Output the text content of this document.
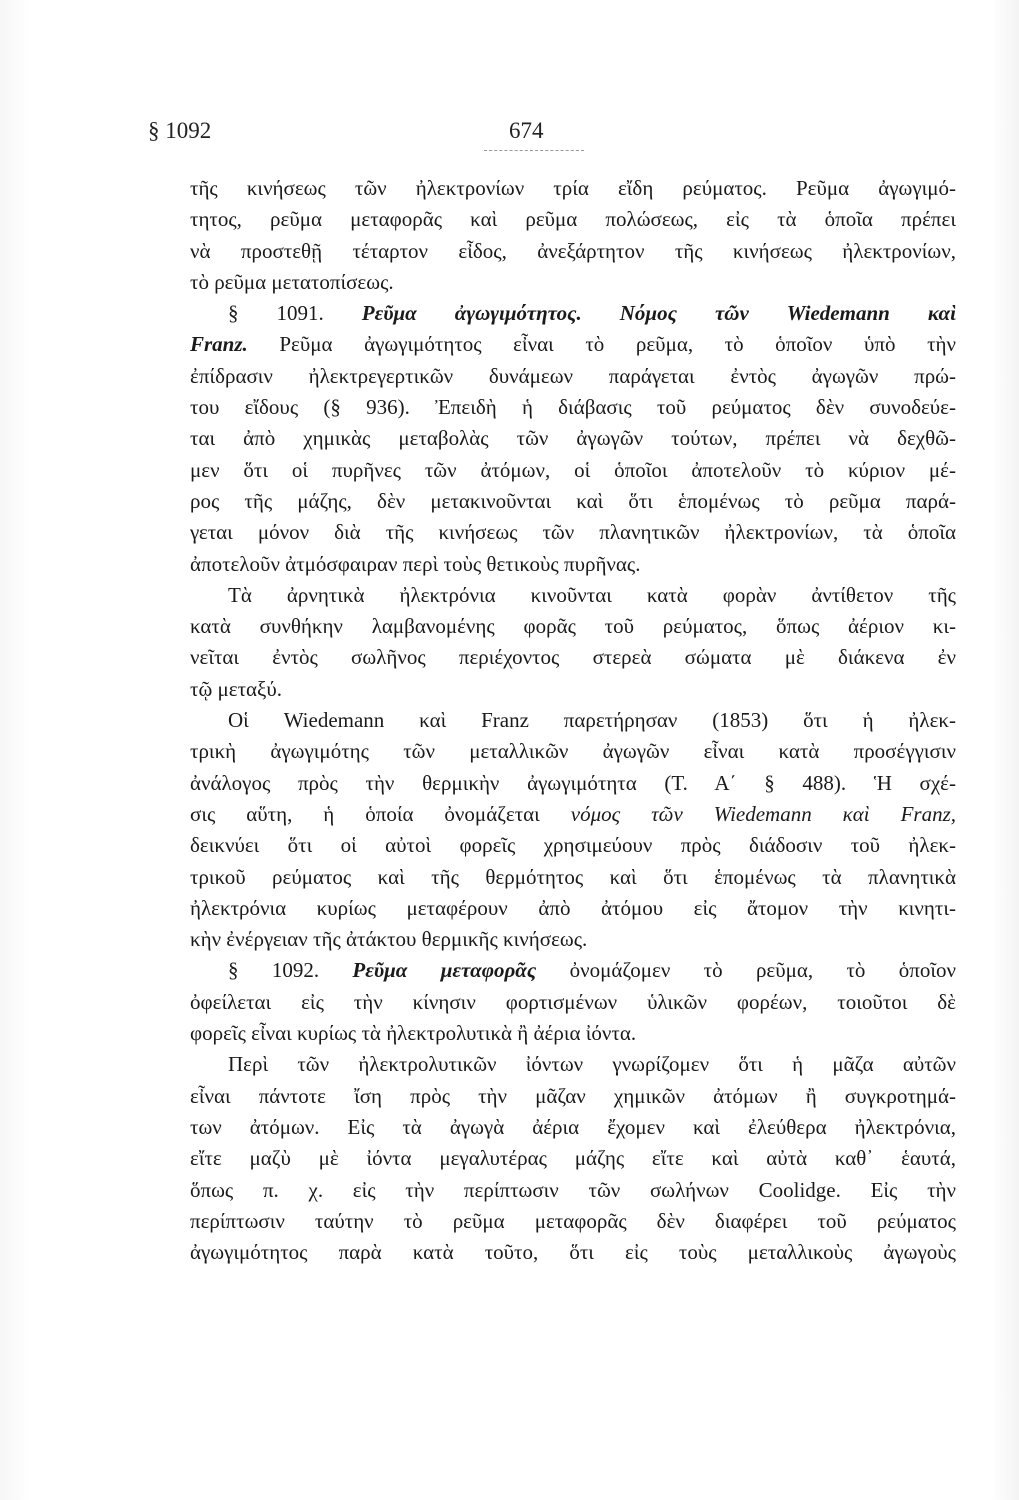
§ 1092	674

τῆς κινήσεως τῶν ἠλεκτρονίων τρία εἴδη ρεύματος. Ρεῦμα ἀγωγιμό-
τητος, ρεῦμα μεταφορᾶς καὶ ρεῦμα πολώσεως, εἰς τὰ ὁποῖα πρέπει
νὰ προστεθῇ τέταρτον εἶδος, ἀνεξάρτητον τῆς κινήσεως ἠλεκτρονίων,
τὸ ρεῦμα μετατοπίσεως.

§ 1091. Ρεῦμα ἀγωγιμότητος. Νόμος τῶν Wiedemann καὶ
Franz. Ρεῦμα ἀγωγιμότητος εἶναι τὸ ρεῦμα, τὸ ὁποῖον ὑπὸ τὴν
ἐπίδρασιν ἠλεκτρεγερτικῶν δυνάμεων παράγεται ἐντὸς ἀγωγῶν πρώ-
του εἴδους (§ 936). Ἐπειδὴ ἡ διάβασις τοῦ ρεύματος δὲν συνοδεύε-
ται ἀπὸ χημικὰς μεταβολὰς τῶν ἀγωγῶν τούτων, πρέπει νὰ δεχθῶ-
μεν ὅτι οἱ πυρῆνες τῶν ἀτόμων, οἱ ὁποῖοι ἀποτελοῦν τὸ κύριον μέ-
ρος τῆς μάζης, δὲν μετακινοῦνται καὶ ὅτι ἑπομένως τὸ ρεῦμα παρά-
γεται μόνον διὰ τῆς κινήσεως τῶν πλανητικῶν ἠλεκτρονίων, τὰ ὁποῖα
ἀποτελοῦν ἀτμόσφαιραν περὶ τοὺς θετικοὺς πυρῆνας.

Τὰ ἀρνητικὰ ἠλεκτρόνια κινοῦνται κατὰ φορὰν ἀντίθετον τῆς
κατὰ συνθήκην λαμβανομένης φορᾶς τοῦ ρεύματος, ὅπως ἀέριον κι-
νεῖται ἐντὸς σωλῆνος περιέχοντος στερεὰ σώματα μὲ διάκενα ἐν
τῷ μεταξύ.

Οἱ Wiedemann καὶ Franz παρετήρησαν (1853) ὅτι ἡ ἠλεκ-
τρικὴ ἀγωγιμότης τῶν μεταλλικῶν ἀγωγῶν εἶναι κατὰ προσέγγισιν
ἀνάλογος πρὸς τὴν θερμικὴν ἀγωγιμότητα (Τ. Α΄ § 488). Ἡ σχέ-
σις αὕτη, ἡ ὁποία ὀνομάζεται νόμος τῶν Wiedemann καὶ Franz,
δεικνύει ὅτι οἱ αὐτοὶ φορεῖς χρησιμεύουν πρὸς διάδοσιν τοῦ ἠλεκ-
τρικοῦ ρεύματος καὶ τῆς θερμότητος καὶ ὅτι ἑπομένως τὰ πλανητικὰ
ἠλεκτρόνια κυρίως μεταφέρουν ἀπὸ ἀτόμου εἰς ἄτομον τὴν κινητι-
κὴν ἐνέργειαν τῆς ἀτάκτου θερμικῆς κινήσεως.

§ 1092. Ρεῦμα μεταφορᾶς ὀνομάζομεν τὸ ρεῦμα, τὸ ὁποῖον
ὀφείλεται εἰς τὴν κίνησιν φορτισμένων ὑλικῶν φορέων, τοιοῦτοι δὲ
φορεῖς εἶναι κυρίως τὰ ἠλεκτρολυτικὰ ἢ ἀέρια ἰόντα.

Περὶ τῶν ἠλεκτρολυτικῶν ἰόντων γνωρίζομεν ὅτι ἡ μᾶζα αὐτῶν
εἶναι πάντοτε ἴση πρὸς τὴν μᾶζαν χημικῶν ἀτόμων ἢ συγκροτημά-
των ἀτόμων. Εἰς τὰ ἀγωγὰ ἀέρια ἔχομεν καὶ ἐλεύθερα ἠλεκτρόνια,
εἴτε μαζὺ μὲ ἰόντα μεγαλυτέρας μάζης εἴτε καὶ αὐτὰ καθ᾽ ἑαυτά,
ὅπως π. χ. εἰς τὴν περίπτωσιν τῶν σωλήνων Coolidge. Εἰς τὴν
περίπτωσιν ταύτην τὸ ρεῦμα μεταφορᾶς δὲν διαφέρει τοῦ ρεύματος
ἀγωγιμότητος παρὰ κατὰ τοῦτο, ὅτι εἰς τοὺς μεταλλικοὺς ἀγωγοὺς
